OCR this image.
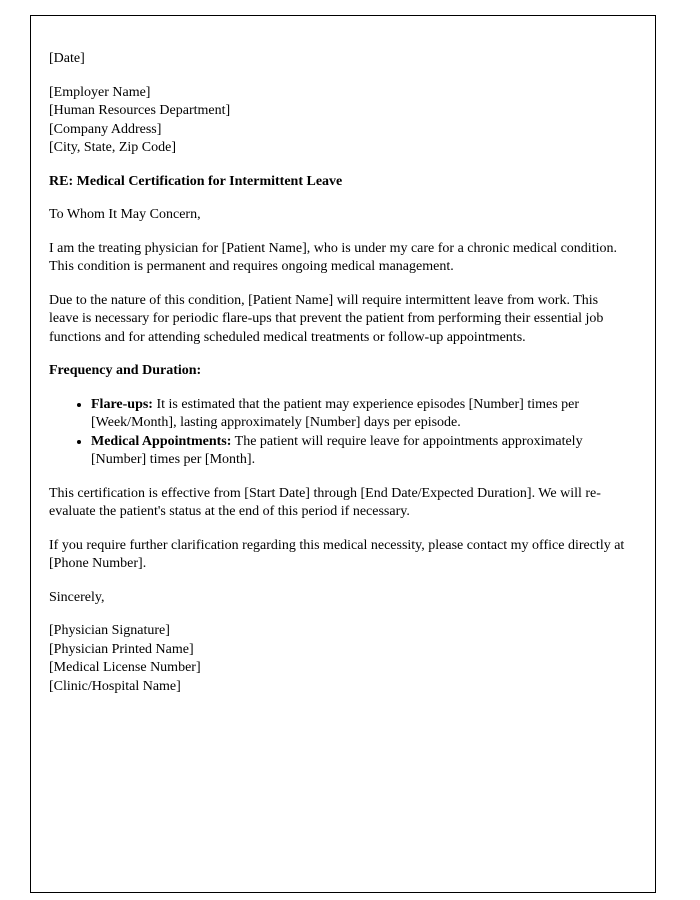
[Date]

[Employer Name]

[Human Resources Department]

[Company Address]

[City, State, Zip Code]

RE: Medical Certification for Intermittent Leave

To Whom It May Concern,

I am the treating physician for [Patient Name], who is under my care for a chronic medical condition. This condition is permanent and requires ongoing medical management.

Due to the nature of this condition, [Patient Name] will require intermittent leave from work. This leave is necessary for periodic flare-ups that prevent the patient from performing their essential job functions and for attending scheduled medical treatments or follow-up appointments.

Frequency and Duration:

• Flare-ups: It is estimated that the patient may experience episodes [Number] times per [Week/Month], lasting approximately [Number] days per episode.
• Medical Appointments: The patient will require leave for appointments approximately [Number] times per [Month].

This certification is effective from [Start Date] through [End Date/Expected Duration]. We will re-evaluate the patient's status at the end of this period if necessary.

If you require further clarification regarding this medical necessity, please contact my office directly at [Phone Number].

Sincerely,

[Physician Signature]

[Physician Printed Name]

[Medical License Number]

[Clinic/Hospital Name]
